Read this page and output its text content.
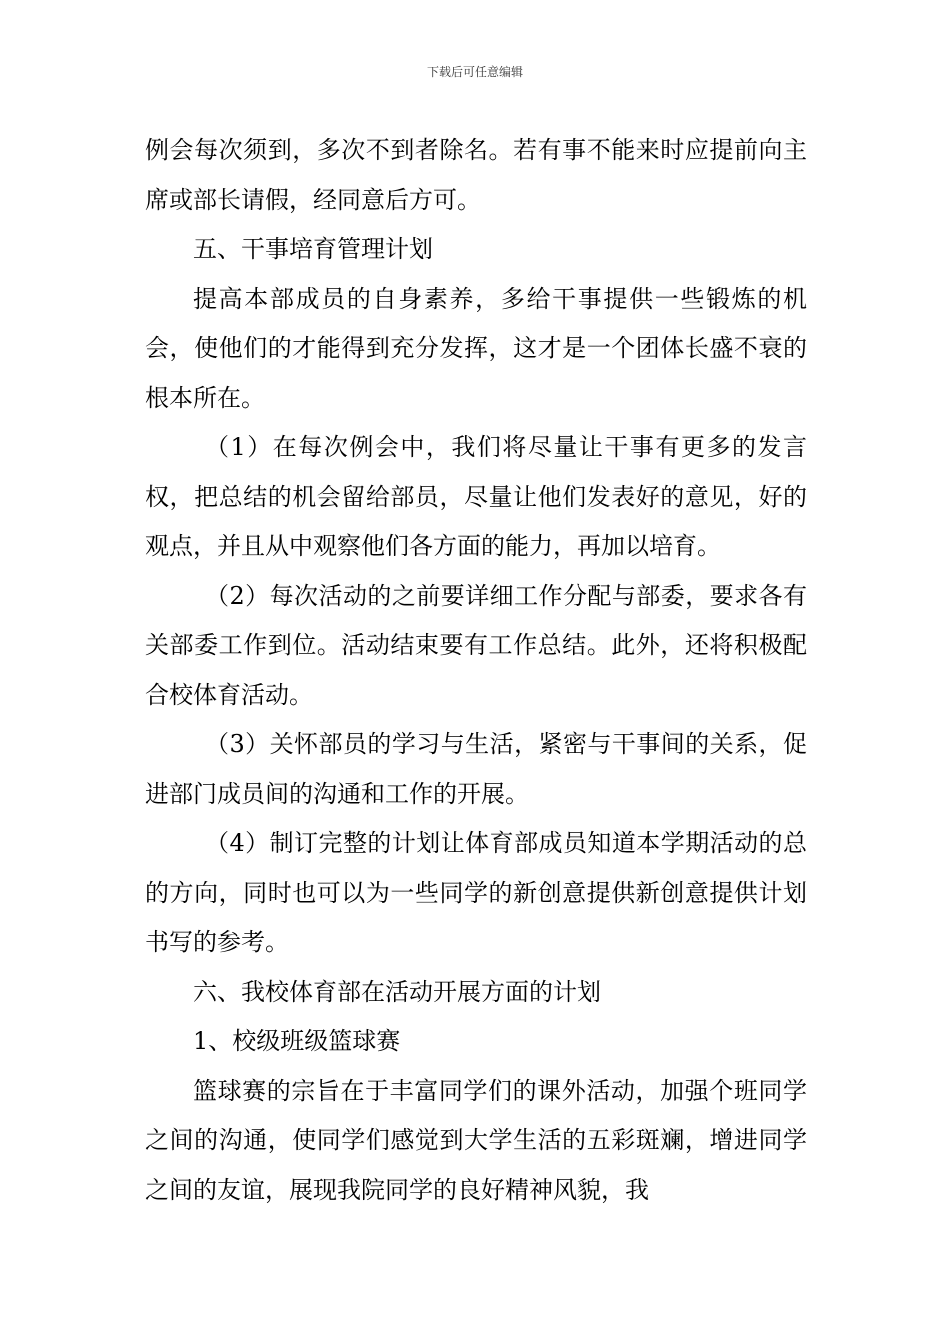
下载后可任意编辑

例会每次须到，多次不到者除名。若有事不能来时应提前向主席或部长请假，经同意后方可。

五、干事培育管理计划

提高本部成员的自身素养，多给干事提供一些锻炼的机会，使他们的才能得到充分发挥，这才是一个团体长盛不衰的根本所在。

（1）在每次例会中，我们将尽量让干事有更多的发言权，把总结的机会留给部员，尽量让他们发表好的意见，好的观点，并且从中观察他们各方面的能力，再加以培育。

（2）每次活动的之前要详细工作分配与部委，要求各有关部委工作到位。活动结束要有工作总结。此外，还将积极配合校体育活动。

（3）关怀部员的学习与生活，紧密与干事间的关系，促进部门成员间的沟通和工作的开展。

（4）制订完整的计划让体育部成员知道本学期活动的总的方向，同时也可以为一些同学的新创意提供新创意提供计划书写的参考。

六、我校体育部在活动开展方面的计划

1、校级班级篮球赛

篮球赛的宗旨在于丰富同学们的课外活动，加强个班同学之间的沟通，使同学们感觉到大学生活的五彩斑斓，增进同学之间的友谊，展现我院同学的良好精神风貌，我
